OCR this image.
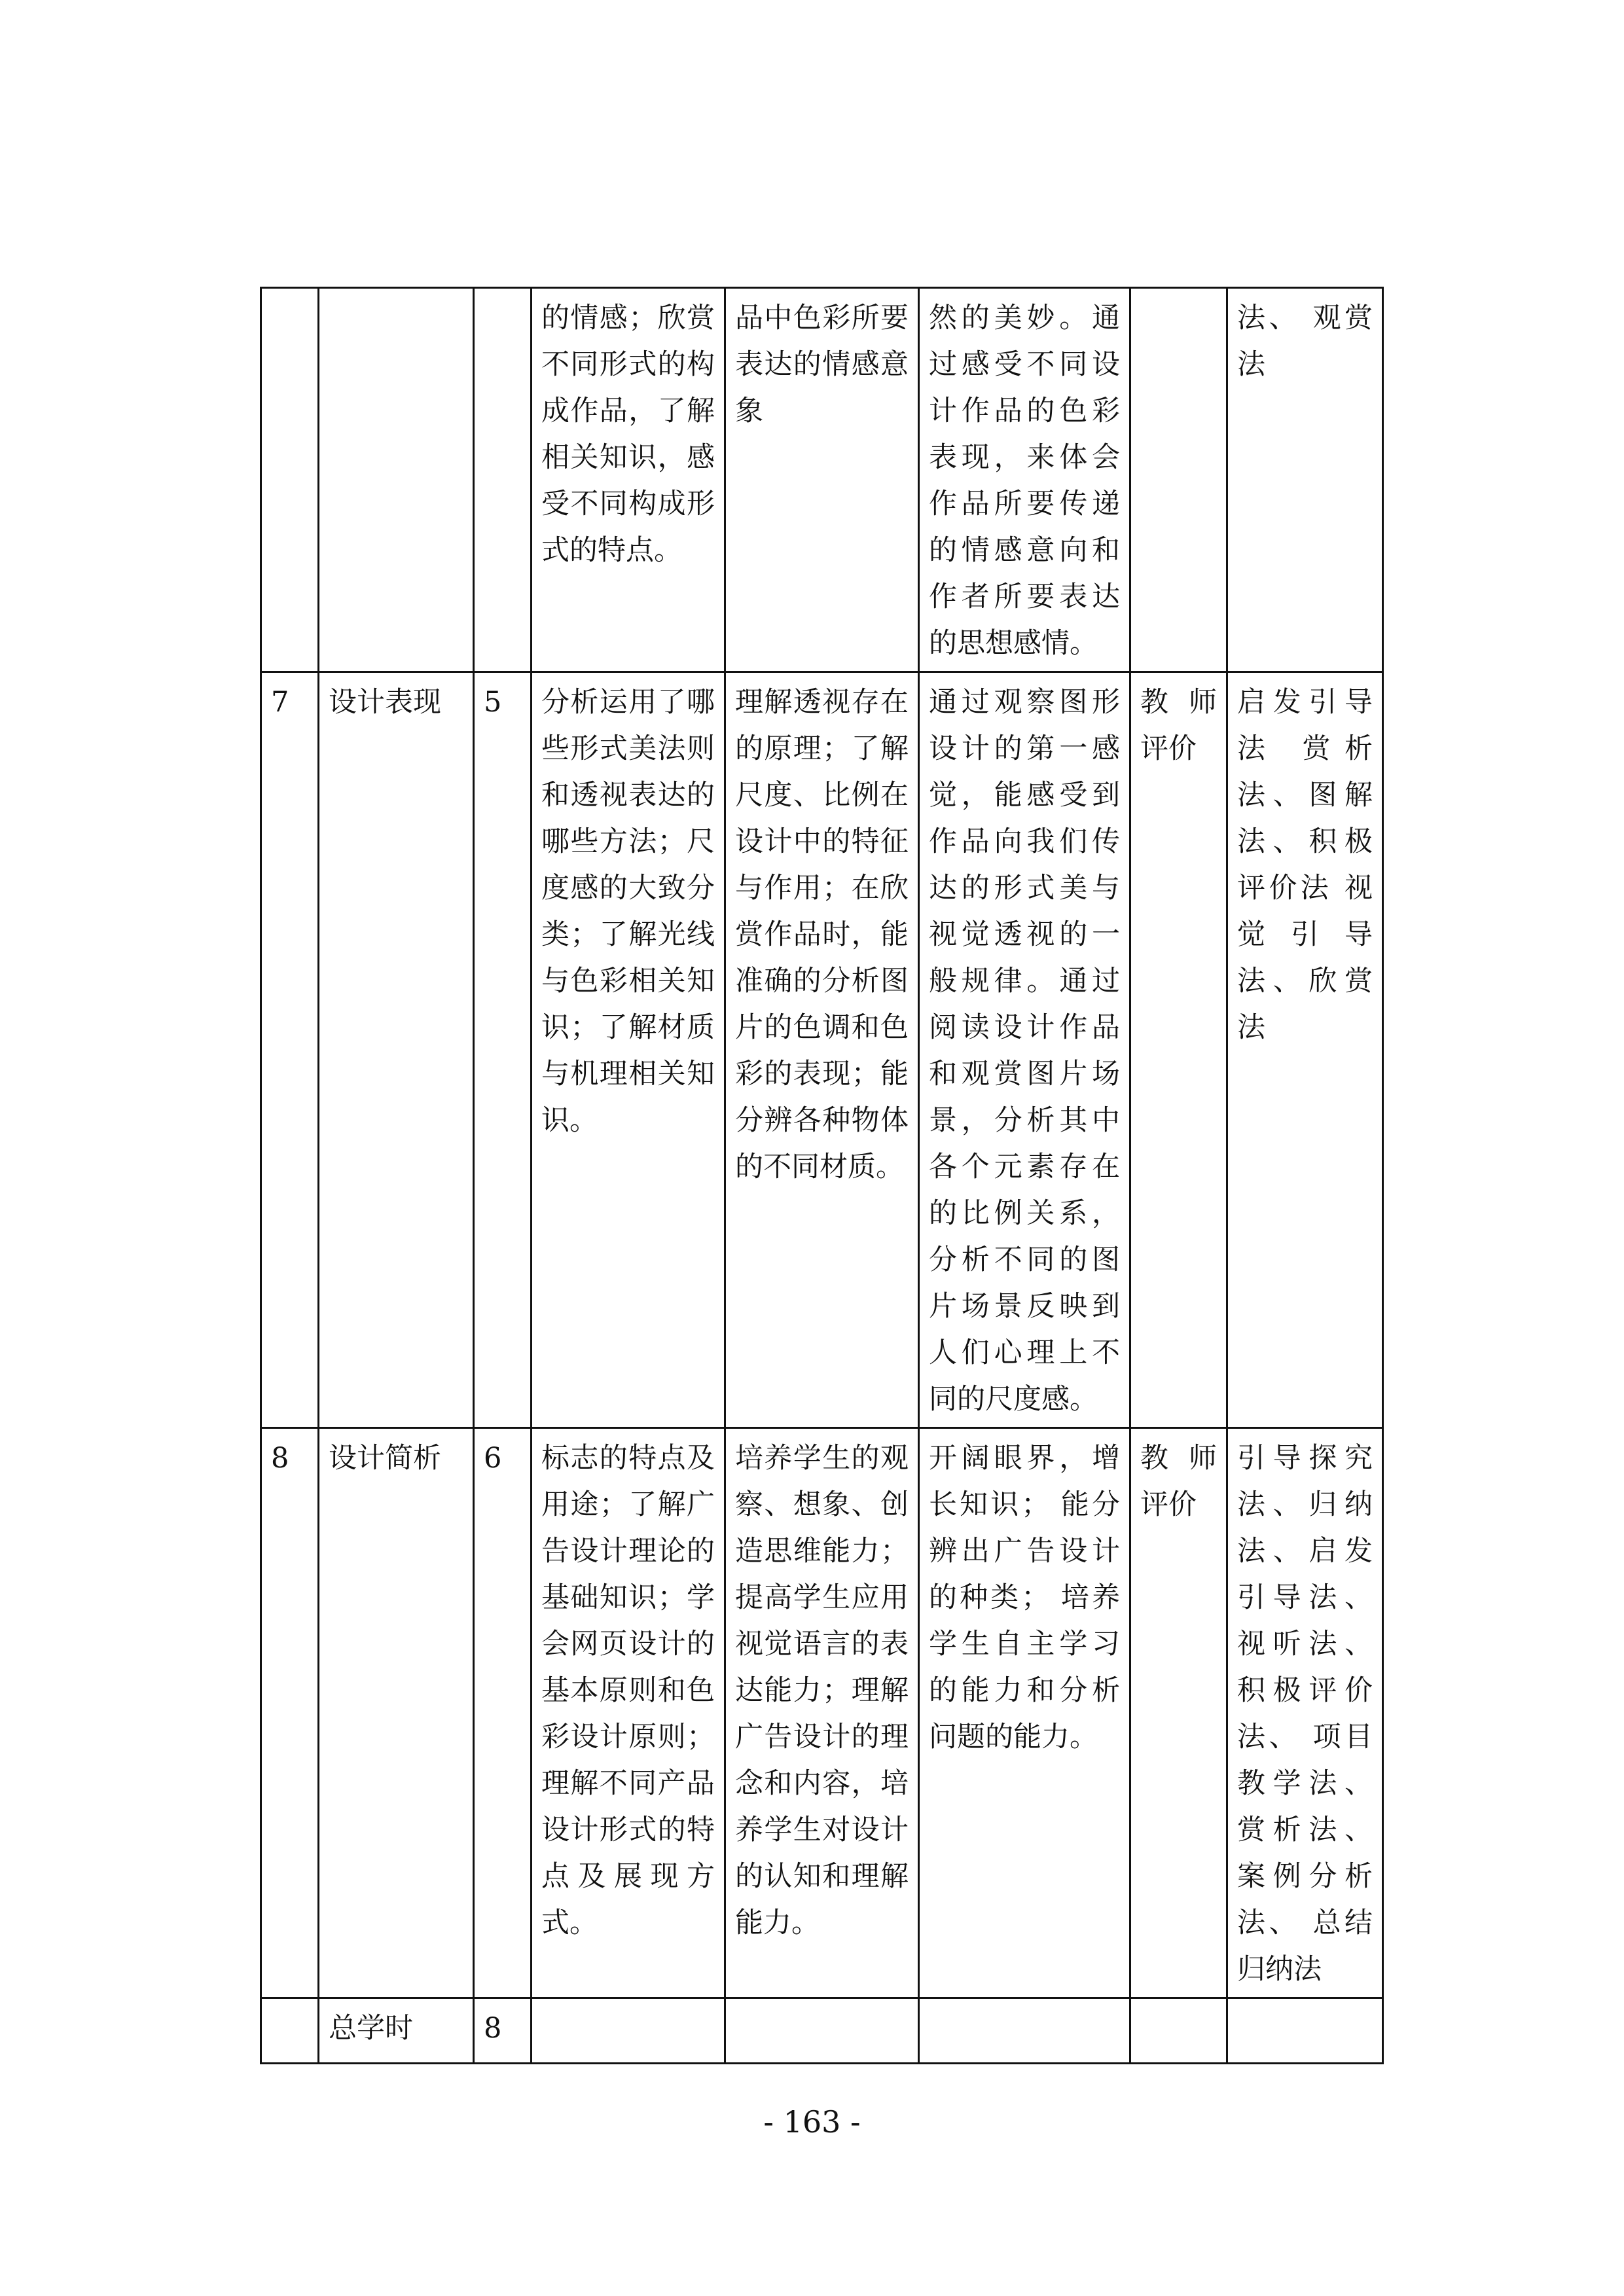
			的情感；欣赏不同形式的构成作品，了解相关知识，感受不同构成形式的特点。	品中色彩所要表达的情感意象	然的美妙。通过感受不同设计作品的色彩表现，来体会作品所要传递的情感意向和作者所要表达的思想感情。		法、 观赏法
7	设计表现	5	分析运用了哪些形式美法则和透视表达的哪些方法；尺度感的大致分类；了解光线与色彩相关知识；了解材质与机理相关知识。	理解透视存在的原理；了解尺度、比例在设计中的特征与作用；在欣赏作品时，能准确的分析图片的色调和色彩的表现；能分辨各种物体的不同材质。	通过观察图形设计的第一感觉，能感受到作品向我们传达的形式美与视觉透视的一般规律。通过阅读设计作品和观赏图片场景，分析其中各个元素存在的比例关系，分析不同的图片场景反映到人们心理上不同的尺度感。	教师评价	启发引导法 赏析法、图解法、积极评价法 视觉引导法、欣赏法
8	设计简析	6	标志的特点及用途；了解广告设计理论的基础知识；学会网页设计的基本原则和色彩设计原则；理解不同产品设计形式的特点及展现方式。	培养学生的观察、想象、创造思维能力；提高学生应用视觉语言的表达能力；理解广告设计的理念和内容，培养学生对设计的认知和理解能力。	开阔眼界，增长知识； 能分辨出广告设计的种类； 培养学生自主学习的能力和分析问题的能力。	教师评价	引导探究法、归纳法、启发引导法、视听法、积极评价法、 项目教学法、赏析法、案例分析法、 总结归纳法
	总学时	8					
- 163 -
